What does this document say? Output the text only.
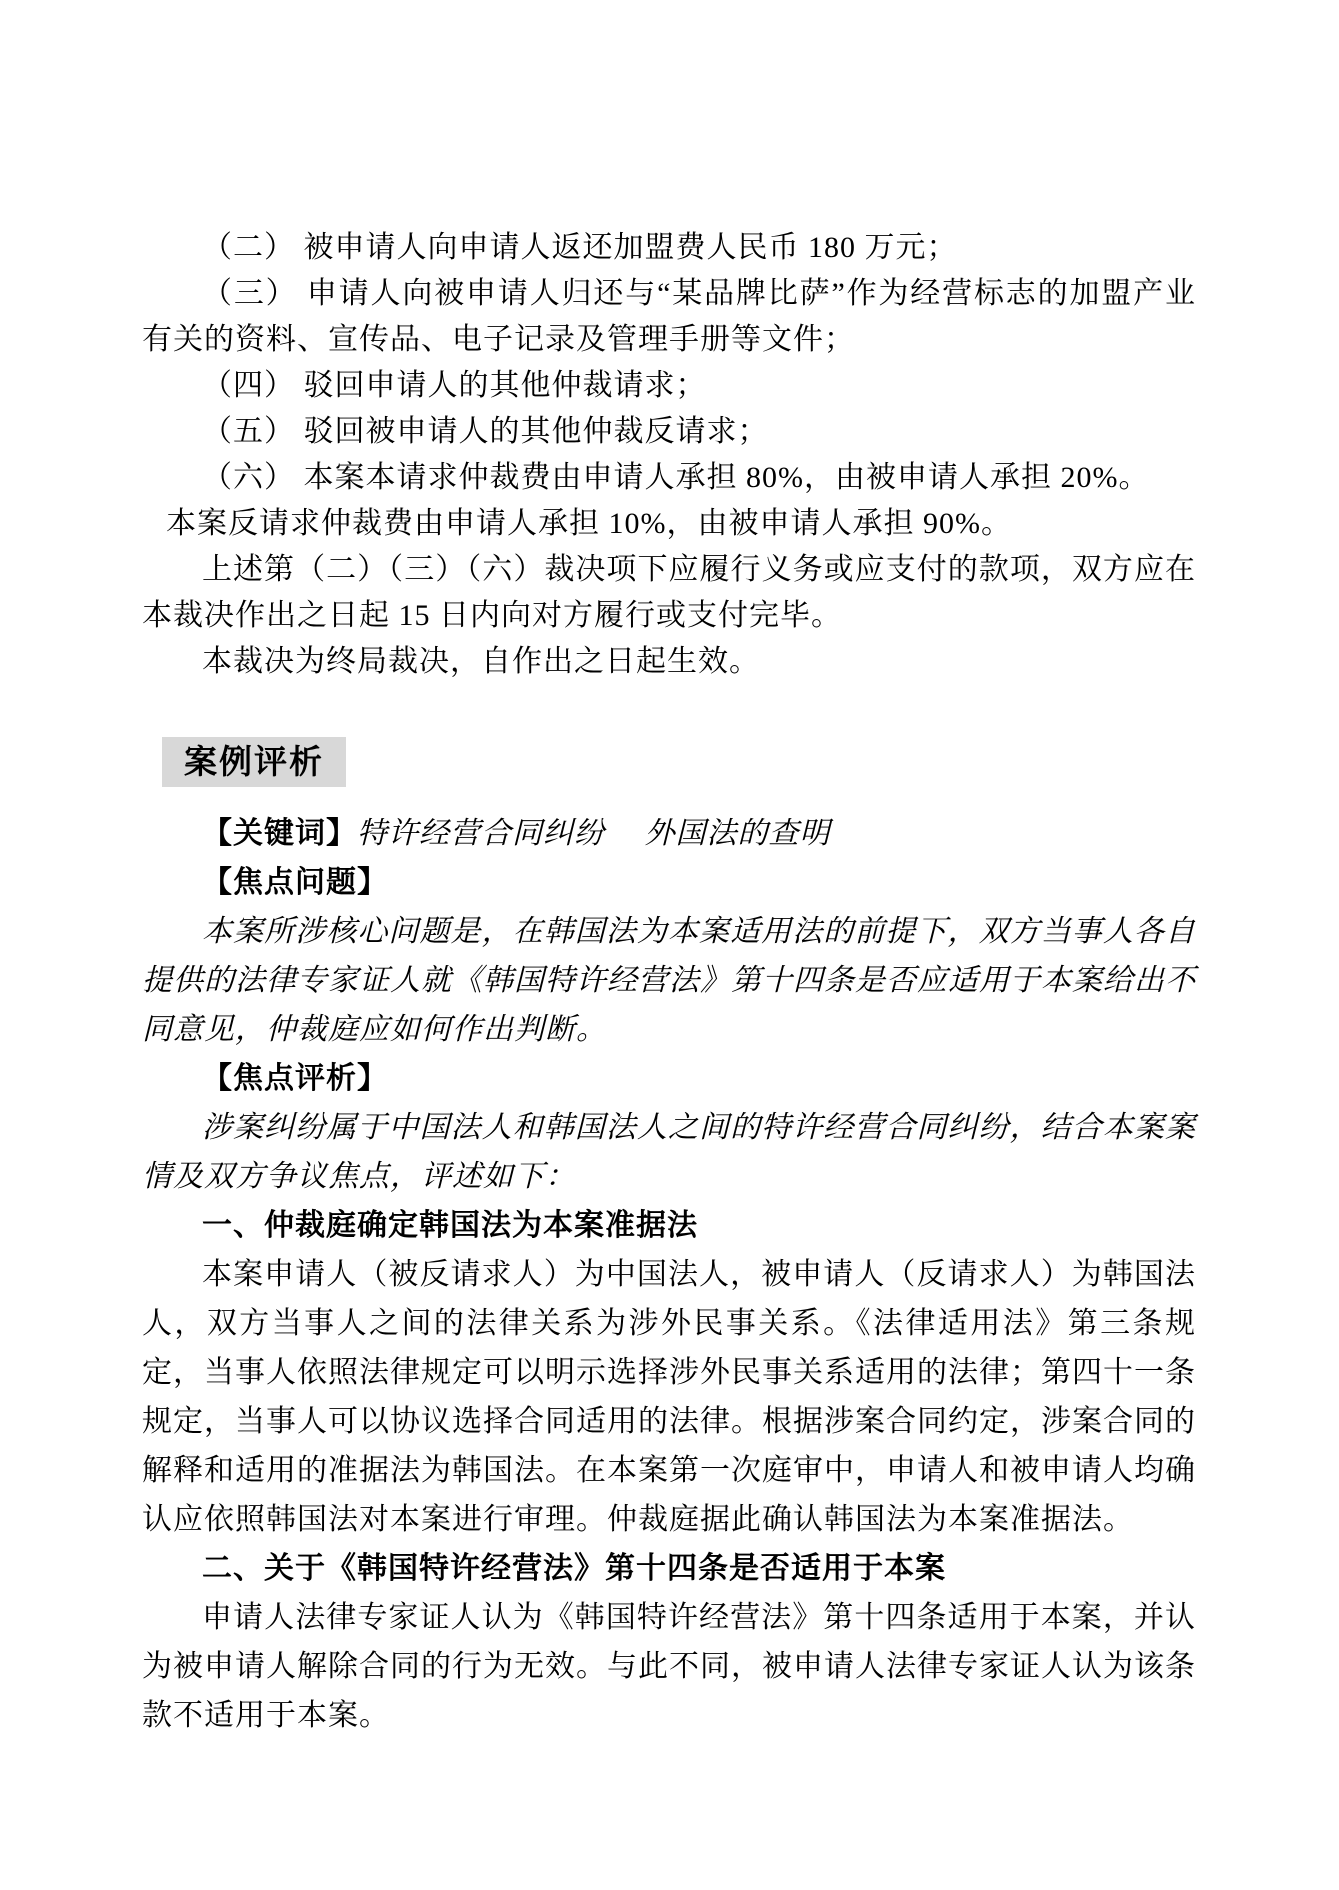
（二） 被申请人向申请人返还加盟费人民币 180 万元；

（三） 申请人向被申请人归还与“某品牌比萨”作为经营标志的加盟产业有关的资料、宣传品、电子记录及管理手册等文件；

（四） 驳回申请人的其他仲裁请求；

（五） 驳回被申请人的其他仲裁反请求；

（六） 本案本请求仲裁费由申请人承担 80%，由被申请人承担 20%。

本案反请求仲裁费由申请人承担 10%，由被申请人承担 90%。

上述第（二）（三）（六）裁决项下应履行义务或应支付的款项，双方应在本裁决作出之日起 15 日内向对方履行或支付完毕。

本裁决为终局裁决，自作出之日起生效。

案例评析

【关键词】特许经营合同纠纷　 外国法的查明

【焦点问题】

本案所涉核心问题是，在韩国法为本案适用法的前提下，双方当事人各自提供的法律专家证人就《韩国特许经营法》第十四条是否应适用于本案给出不同意见，仲裁庭应如何作出判断。

【焦点评析】

涉案纠纷属于中国法人和韩国法人之间的特许经营合同纠纷，结合本案案情及双方争议焦点，评述如下：

一、仲裁庭确定韩国法为本案准据法

本案申请人（被反请求人）为中国法人，被申请人（反请求人）为韩国法人，双方当事人之间的法律关系为涉外民事关系。《法律适用法》第三条规定，当事人依照法律规定可以明示选择涉外民事关系适用的法律；第四十一条规定，当事人可以协议选择合同适用的法律。根据涉案合同约定，涉案合同的解释和适用的准据法为韩国法。在本案第一次庭审中，申请人和被申请人均确认应依照韩国法对本案进行审理。仲裁庭据此确认韩国法为本案准据法。

二、关于《韩国特许经营法》第十四条是否适用于本案

申请人法律专家证人认为《韩国特许经营法》第十四条适用于本案，并认为被申请人解除合同的行为无效。与此不同，被申请人法律专家证人认为该条款不适用于本案。
